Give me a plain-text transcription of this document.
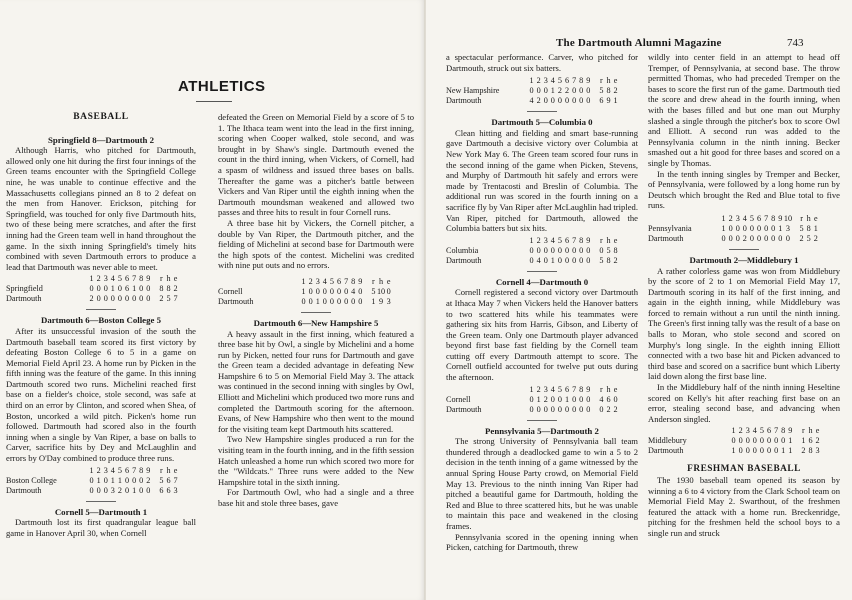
ATHLETICS
BASEBALL
Springfield 8—Dartmouth 2

Although Harris, who pitched for Dartmouth, allowed only one hit during the first four innings of the Green teams encounter with the Springfield College nine, he was unable to continue effective and the Massachusetts collegians pinned an 8 to 2 defeat on the men from Hanover. Erickson, pitching for Springfield, was touched for only five Dartmouth hits, two of these being mere scratches, and after the first inning had the Green team well in hand throughout the game. In the sixth inning Springfield's timely hits combined with seven Dartmouth errors to produce a lead that Dartmouth was never able to meet.

	1	2	3	4	5	6	7	8	9		r	h	e
Springfield	0	0	0	1	0	6	1	0	0		8	8	2
Dartmouth	2	0	0	0	0	0	0	0	0		2	5	7
Dartmouth 6—Boston College 5

After its unsuccessful invasion of the south the Dartmouth baseball team scored its first victory by defeating Boston College 6 to 5 in a game on Memorial Field April 23. A home run by Picken in the fifth inning was the feature of the game. In this inning Dartmouth scored two runs. Michelini reached first base on a fielder's choice, stole second, was safe at third on an error by Clinton, and scored when Shea, of Boston, uncorked a wild pitch. Picken's home run followed. Dartmouth had scored also in the fourth inning when a single by Van Riper, a base on balls to Carver, sacrifice hits by Dey and McLaughlin and errors by O'Day combined to produce three runs.

	1	2	3	4	5	6	7	8	9		r	h	e
Boston College	0	1	0	1	1	0	0	0	2		5	6	7
Dartmouth	0	0	0	3	2	0	1	0	0		6	6	3
Cornell 5—Dartmouth 1

Dartmouth lost its first quadrangular league ball game in Hanover April 30, when Cornell

defeated the Green on Memorial Field by a score of 5 to 1. The Ithaca team went into the lead in the first inning, scoring when Cooper walked, stole second, and was brought in by Shaw's single. Dartmouth evened the count in the third inning, when Vickers, of Cornell, had a spasm of wildness and issued three bases on balls. Thereafter the game was a pitcher's battle between Vickers and Van Riper until the eighth inning when the Dartmouth moundsman weakened and allowed two passes and three hits to result in four Cornell runs.

A three base hit by Vickers, the Cornell pitcher, a double by Van Riper, the Dartmouth pitcher, and the fielding of Michelini at second base for Dartmouth were the high spots of the contest. Michelini was credited with nine put outs and no errors.

	1	2	3	4	5	6	7	8	9		r	h	e
Cornell	1	0	0	0	0	0	0	4	0		5	10	0
Dartmouth	0	0	1	0	0	0	0	0	0		1	9	3
Dartmouth 6—New Hampshire 5

A heavy assault in the first inning, which featured a three base hit by Owl, a single by Michelini and a home run by Picken, netted four runs for Dartmouth and gave the Green team a decided advantage in defeating New Hampshire 6 to 5 on Memorial Field May 3. The attack was continued in the second inning with singles by Owl, Elliott and Michelini which produced two more runs and completed the Dartmouth scoring for the afternoon. Evans, of New Hampshire who then went to the mound for the visiting team kept Dartmouth hits scattered.

Two New Hampshire singles produced a run for the visiting team in the fourth inning, and in the fifth session Hatch unleashed a home run which scored two more for the "Wildcats." Three runs were added to the New Hampshire total in the sixth inning.

For Dartmouth Owl, who had a single and a three base hit and stole three bases, gave

The Dartmouth Alumni Magazine	743

a spectacular performance. Carver, who pitched for Dartmouth, struck out six batters.

	1	2	3	4	5	6	7	8	9		r	h	e
New Hampshire	0	0	0	1	2	2	0	0	0		5	8	2
Dartmouth	4	2	0	0	0	0	0	0	0		6	9	1
Dartmouth 5—Columbia 0

Clean hitting and fielding and smart base-running gave Dartmouth a decisive victory over Columbia at New York May 6. The Green team scored four runs in the second inning of the game when Picken, Stevens, and Murphy of Dartmouth hit safely and errors were made by Trentacosti and Breslin of Columbia. The additional run was scored in the fourth inning on a sacrifice fly by Van Riper after McLaughlin had tripled. Van Riper, pitched for Dartmouth, allowed the Columbia batters but six hits.

	1	2	3	4	5	6	7	8	9		r	h	e
Columbia	0	0	0	0	0	0	0	0	0		0	5	8
Dartmouth	0	4	0	1	0	0	0	0	0		5	8	2
Cornell 4—Dartmouth 0

Cornell registered a second victory over Dartmouth at Ithaca May 7 when Vickers held the Hanover batters to two scattered hits while his teammates were gathering six hits from Harris, Gibson, and Liberty of the Green team. Only one Dartmouth player advanced beyond first base fast fielding by the Cornell team cutting off every Dartmouth attempt to score. The Cornell outfield accounted for twelve put outs during the afternoon.

	1	2	3	4	5	6	7	8	9		r	h	e
Cornell	0	1	2	0	0	1	0	0	0		4	6	0
Dartmouth	0	0	0	0	0	0	0	0	0		0	2	2
Pennsylvania 5—Dartmouth 2

The strong University of Pennsylvania ball team thundered through a deadlocked game to win a 5 to 2 decision in the tenth inning of a game witnessed by the annual Spring House Party crowd, on Memorial Field May 13. Previous to the ninth inning Van Riper had pitched a beautiful game for Dartmouth, holding the Red and Blue to three scattered hits, but he was unable to maintain this pace and weakened in the closing frames.

Pennsylvania scored in the opening inning when Picken, catching for Dartmouth, threw

wildly into center field in an attempt to head off Tremper, of Pennsylvania, at second base. The throw permitted Thomas, who had preceded Tremper on the bases to score the first run of the game. Dartmouth tied the score and drew ahead in the fourth inning, when with the bases filled and but one man out Murphy slashed a single through the pitcher's box to score Owl and Elliott. A second run was added to the Pennsylvania column in the ninth inning. Becker smashed out a hit good for three bases and scored on a single by Thomas.

In the tenth inning singles by Tremper and Becker, of Pennsylvania, were followed by a long home run by Deutsch which brought the Red and Blue total to five runs.

	1	2	3	4	5	6	7	8	9	10		r	h	e
Pennsylvania	1	0	0	0	0	0	0	0	1	3		5	8	1
Dartmouth	0	0	0	2	0	0	0	0	0	0		2	5	2
Dartmouth 2—Middlebury 1

A rather colorless game was won from Middlebury by the score of 2 to 1 on Memorial Field May 17, Dartmouth scoring in its half of the first inning, and again in the eighth inning, while Middlebury was forced to remain without a run until the ninth inning. The Green's first inning tally was the result of a base on balls to Moran, who stole second and scored on Murphy's long single. In the eighth inning Elliott connected with a two base hit and Picken advanced to third base and scored on a sacrifice bunt which Liberty laid down along the first base line.

In the Middlebury half of the ninth inning Heseltine scored on Kelly's hit after reaching first base on an error, stealing second base, and advancing when Anderson singled.

	1	2	3	4	5	6	7	8	9		r	h	e
Middlebury	0	0	0	0	0	0	0	0	1		1	6	2
Dartmouth	1	0	0	0	0	0	0	1	1		2	8	3
FRESHMAN BASEBALL

The 1930 baseball team opened its season by winning a 6 to 4 victory from the Clark School team on Memorial Field May 2. Swarthout, of the freshmen featured the attack with a home run. Breckenridge, pitching for the freshmen held the school boys to a single run and struck
